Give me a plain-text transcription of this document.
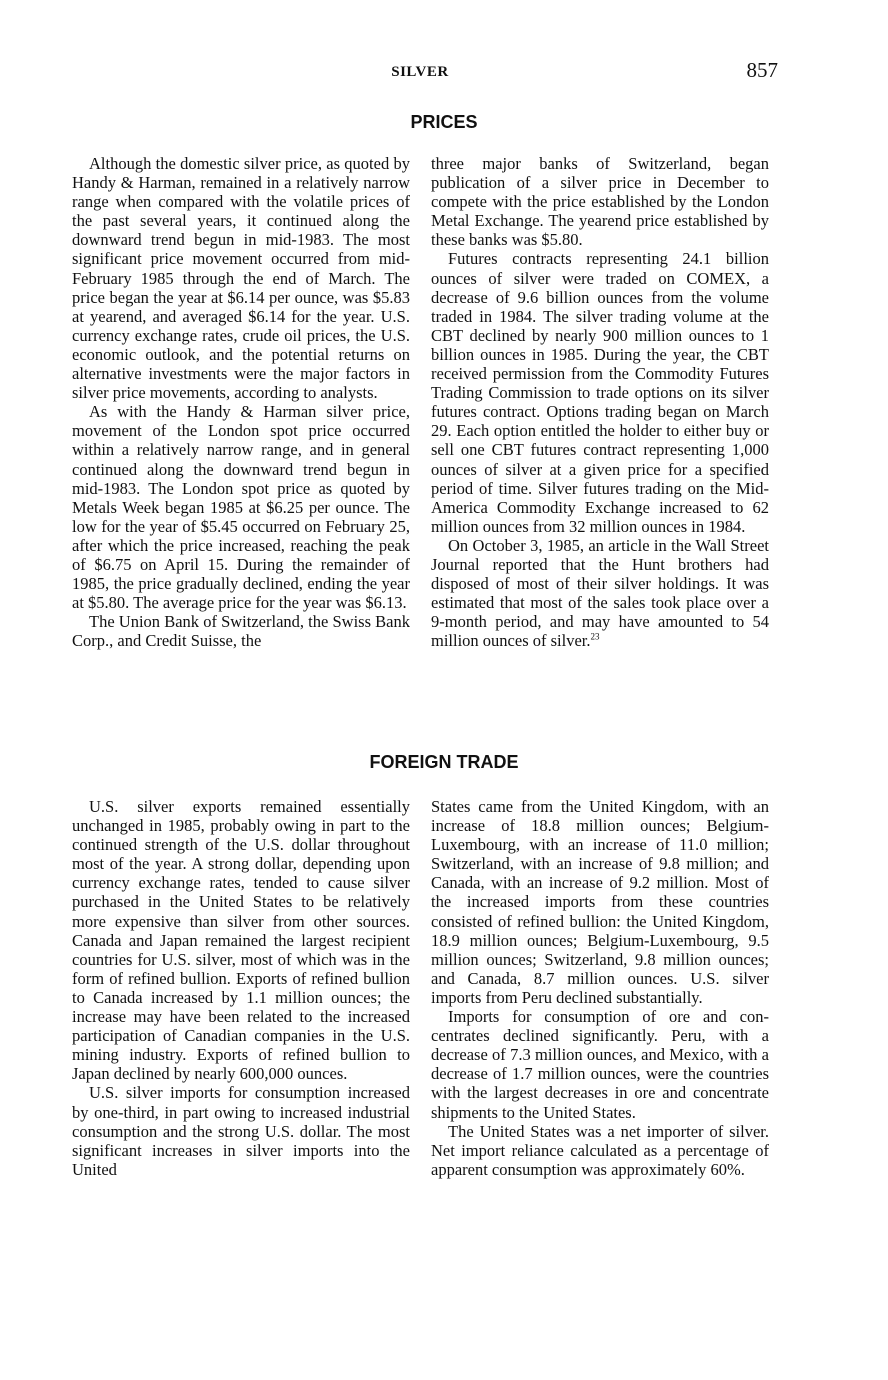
SILVER	857
PRICES

Although the domestic silver price, as quoted by Handy & Harman, remained in a relatively narrow range when compared with the volatile prices of the past several years, it continued along the downward trend begun in mid-1983. The most significant price movement occurred from mid-February 1985 through the end of March. The price began the year at $6.14 per ounce, was $5.83 at yearend, and averaged $6.14 for the year. U.S. currency exchange rates, crude oil prices, the U.S. economic outlook, and the potential returns on alternative investments were the major factors in silver price movements, according to analysts.

As with the Handy & Harman silver price, movement of the London spot price occurred within a relatively narrow range, and in general continued along the downward trend begun in mid-1983. The London spot price as quoted by Metals Week began 1985 at $6.25 per ounce. The low for the year of $5.45 occurred on February 25, after which the price increased, reaching the peak of $6.75 on April 15. During the remainder of 1985, the price gradually declined, ending the year at $5.80. The average price for the year was $6.13.

The Union Bank of Switzerland, the Swiss Bank Corp., and Credit Suisse, the

three major banks of Switzerland, began publication of a silver price in December to compete with the price established by the London Metal Exchange. The yearend price established by these banks was $5.80.

Futures contracts representing 24.1 billion ounces of silver were traded on COMEX, a decrease of 9.6 billion ounces from the volume traded in 1984. The silver trading volume at the CBT declined by nearly 900 million ounces to 1 billion ounces in 1985. During the year, the CBT received permission from the Commodity Futures Trading Commission to trade options on its silver futures contract. Options trading began on March 29. Each option entitled the holder to either buy or sell one CBT futures contract representing 1,000 ounces of silver at a given price for a specified period of time. Silver futures trading on the Mid-America Commodity Exchange increased to 62 million ounces from 32 million ounces in 1984.

On October 3, 1985, an article in the Wall Street Journal reported that the Hunt brothers had disposed of most of their silver holdings. It was estimated that most of the sales took place over a 9-month period, and may have amounted to 54 million ounces of silver.$^{23}$

FOREIGN TRADE

U.S. silver exports remained essentially unchanged in 1985, probably owing in part to the continued strength of the U.S. dollar throughout most of the year. A strong dollar, depending upon currency exchange rates, tended to cause silver purchased in the United States to be relatively more expensive than silver from other sources. Canada and Japan remained the largest recipient countries for U.S. silver, most of which was in the form of refined bullion. Exports of refined bullion to Canada increased by 1.1 million ounces; the increase may have been related to the increased participation of Canadian companies in the U.S. mining industry. Exports of refined bullion to Japan declined by nearly 600,000 ounces.

U.S. silver imports for consumption increased by one-third, in part owing to increased industrial consumption and the strong U.S. dollar. The most significant increases in silver imports into the United

States came from the United Kingdom, with an increase of 18.8 million ounces; Belgium-Luxembourg, with an increase of 11.0 million; Switzerland, with an increase of 9.8 million; and Canada, with an increase of 9.2 million. Most of the increased imports from these countries consisted of refined bullion: the United Kingdom, 18.9 million ounces; Belgium-Luxembourg, 9.5 million ounces; Switzerland, 9.8 million ounces; and Canada, 8.7 million ounces. U.S. silver imports from Peru declined substantially.

Imports for consumption of ore and concentrates declined significantly. Peru, with a decrease of 7.3 million ounces, and Mexico, with a decrease of 1.7 million ounces, were the countries with the largest decreases in ore and concentrate shipments to the United States.

The United States was a net importer of silver. Net import reliance calculated as a percentage of apparent consumption was approximately 60%.
